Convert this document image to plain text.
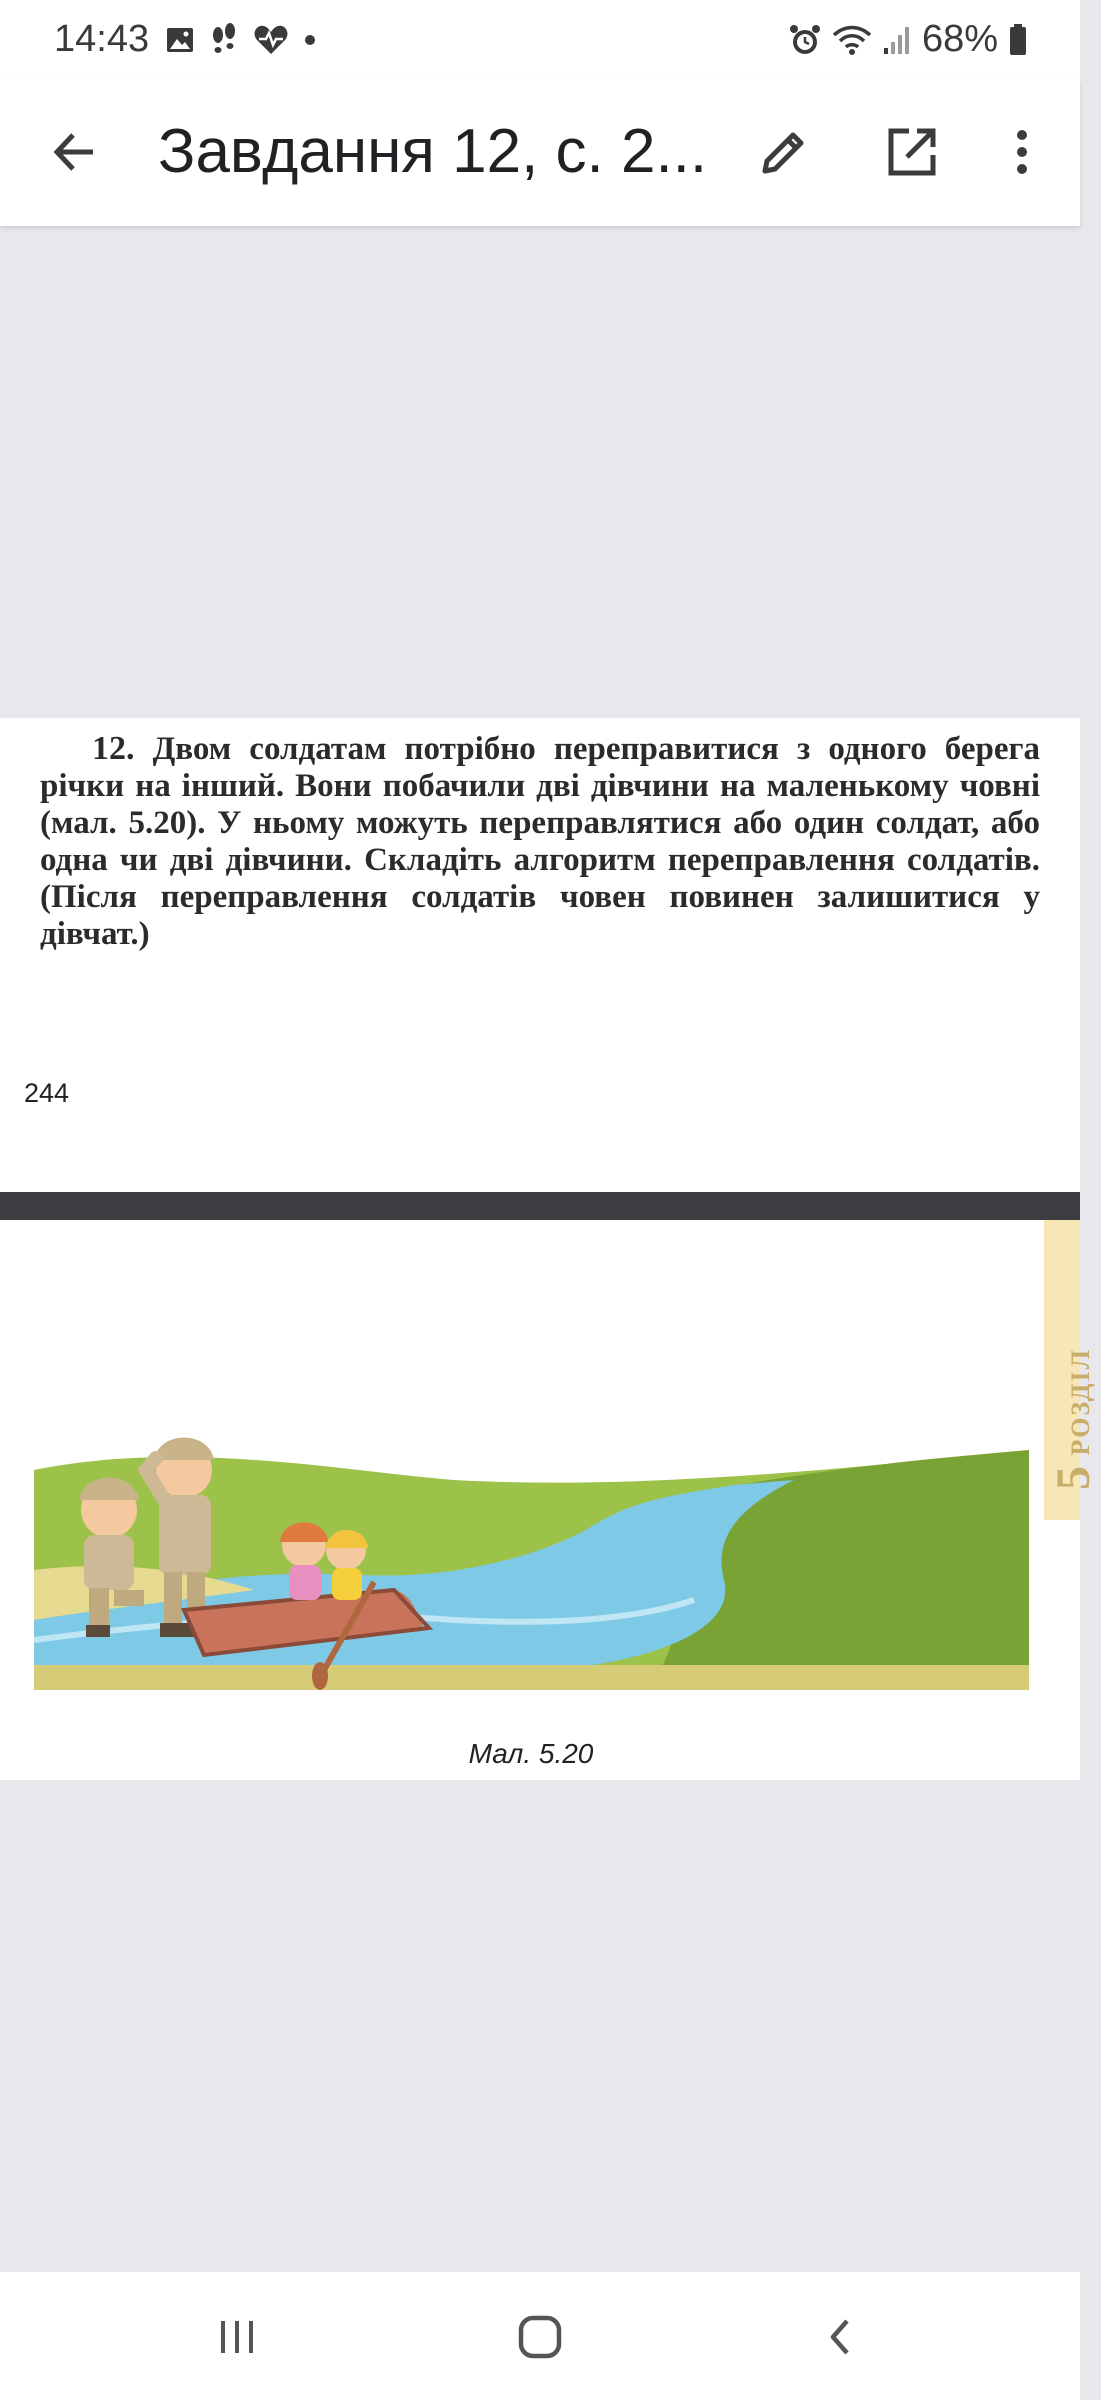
14:43	68%
Завдання 12, с. 2...
12. Двом солдатам потрібно переправитися з одного берега річки на інший. Вони побачили дві дівчини на маленькому човні (мал. 5.20). У ньому можуть переправлятися або один солдат, або одна чи дві дівчини. Складіть алгоритм переправлення солдатів. (Після переправлення солдатів човен повинен залишитися у дівчат.)
244
Мал. 5.20
5 РОЗДІЛ
